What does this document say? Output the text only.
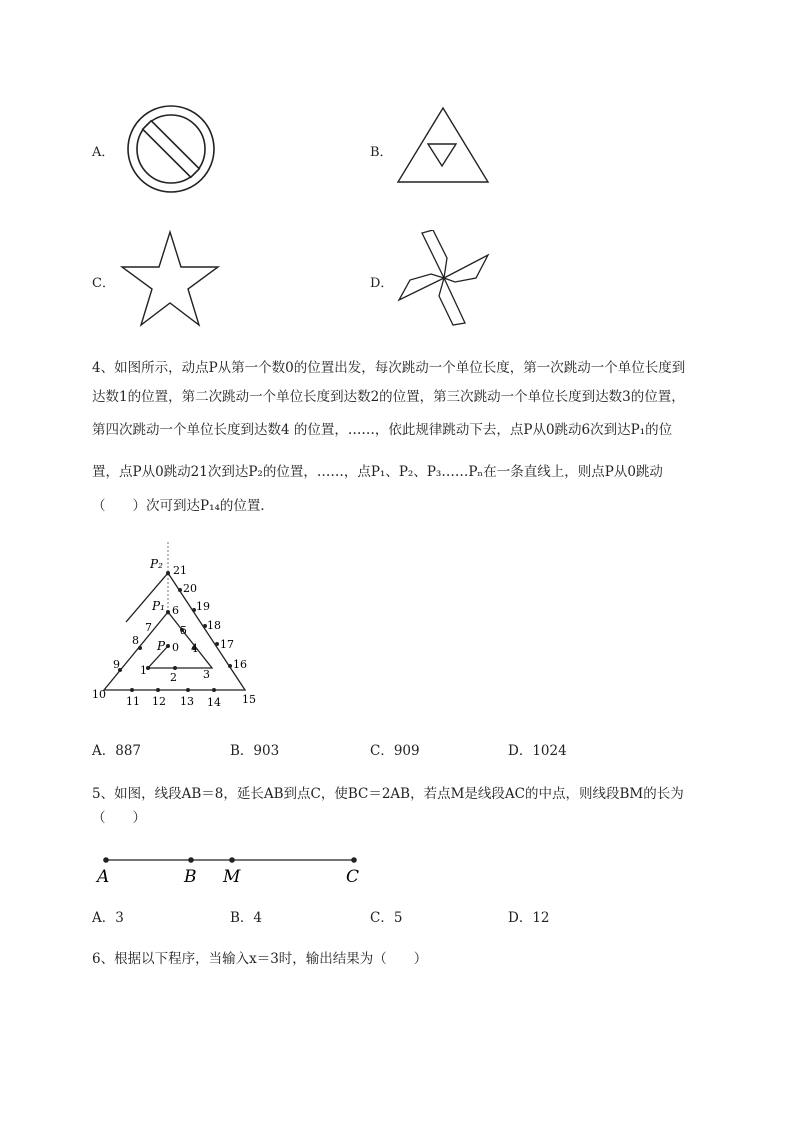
A．	B．
C．	D．
4、如图所示，动点P从第一个数0的位置出发，每次跳动一个单位长度，第一次跳动一个单位长度到
达数1的位置，第二次跳动一个单位长度到达数2的位置，第三次跳动一个单位长度到达数3的位置，
第四次跳动一个单位长度到达数4 的位置，……，依此规律跳动下去，点P从0跳动6次到达P₁的位
置，点P从0跳动21次到达P₂的位置，……，点P₁、P₂、P₃……Pₙ在一条直线上，则点P从0跳动
（　　）次可到达P₁₄的位置．
P₂
P₁
P 0
1
2 3
4
5
6
7
8
9
10
11 12 13 14 15
16
17
18
19
20
21
A．887	B．903	C．909	D．1024
5、如图，线段AB＝8，延长AB到点C，使BC＝2AB，若点M是线段AC的中点，则线段BM的长为
（　　）
A	B M	C
A．3	B．4	C．5	D．12
6、根据以下程序，当输入x＝3时，输出结果为（　　）
